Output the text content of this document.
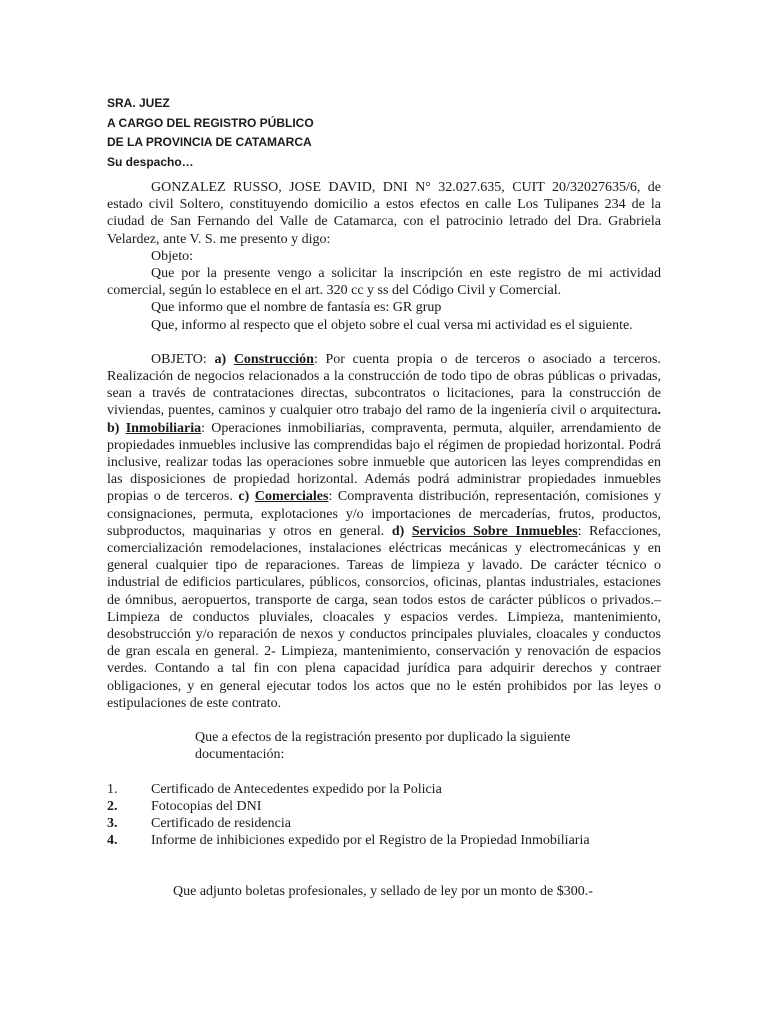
SRA. JUEZ
A CARGO DEL REGISTRO PÚBLICO
DE LA PROVINCIA DE CATAMARCA
Su despacho…

GONZALEZ RUSSO, JOSE DAVID, DNI N° 32.027.635, CUIT 20/32027635/6, de estado civil Soltero, constituyendo domicilio a estos efectos en calle Los Tulipanes 234 de la ciudad de San Fernando del Valle de Catamarca, con el patrocinio letrado del Dra. Grabriela Velardez, ante V. S. me presento y digo:

Objeto:

Que por la presente vengo a solicitar la inscripción en este registro de mi actividad comercial, según lo establece en el art. 320 cc y ss del Código Civil y Comercial.

Que informo que el nombre de fantasía es: GR grup

Que, informo al respecto que el objeto sobre el cual versa mi actividad es el siguiente.

OBJETO: a) Construcción: Por cuenta propia o de terceros o asociado a terceros. Realización de negocios relacionados a la construcción de todo tipo de obras públicas o privadas, sean a través de contrataciones directas, subcontratos o licitaciones, para la construcción de viviendas, puentes, caminos y cualquier otro trabajo del ramo de la ingeniería civil o arquitectura. b) Inmobiliaria: Operaciones inmobiliarias, compraventa, permuta, alquiler, arrendamiento de propiedades inmuebles inclusive las comprendidas bajo el régimen de propiedad horizontal. Podrá inclusive, realizar todas las operaciones sobre inmueble que autoricen las leyes comprendidas en las disposiciones de propiedad horizontal. Además podrá administrar propiedades inmuebles propias o de terceros. c) Comerciales: Compraventa distribución, representación, comisiones y consignaciones, permuta, explotaciones y/o importaciones de mercaderías, frutos, productos, subproductos, maquinarias y otros en general. d) Servicios Sobre Inmuebles: Refacciones, comercialización remodelaciones, instalaciones eléctricas mecánicas y electromecánicas y en general cualquier tipo de reparaciones. Tareas de limpieza y lavado. De carácter técnico o industrial de edificios particulares, públicos, consorcios, oficinas, plantas industriales, estaciones de ómnibus, aeropuertos, transporte de carga, sean todos estos de carácter públicos o privados.– Limpieza de conductos pluviales, cloacales y espacios verdes. Limpieza, mantenimiento, desobstrucción y/o reparación de nexos y conductos principales pluviales, cloacales y conductos de gran escala en general. 2- Limpieza, mantenimiento, conservación y renovación de espacios verdes. Contando a tal fin con plena capacidad jurídica para adquirir derechos y contraer obligaciones, y en general ejecutar todos los actos que no le estén prohibidos por las leyes o estipulaciones de este contrato.

Que a efectos de la registración presento por duplicado la siguiente documentación:

1.	Certificado de Antecedentes expedido por la Policia
2.	Fotocopias del DNI
3.	Certificado de residencia
4.	Informe de inhibiciones expedido por el Registro de la Propiedad Inmobiliaria

Que adjunto boletas profesionales, y sellado de ley por un monto de $300.-
